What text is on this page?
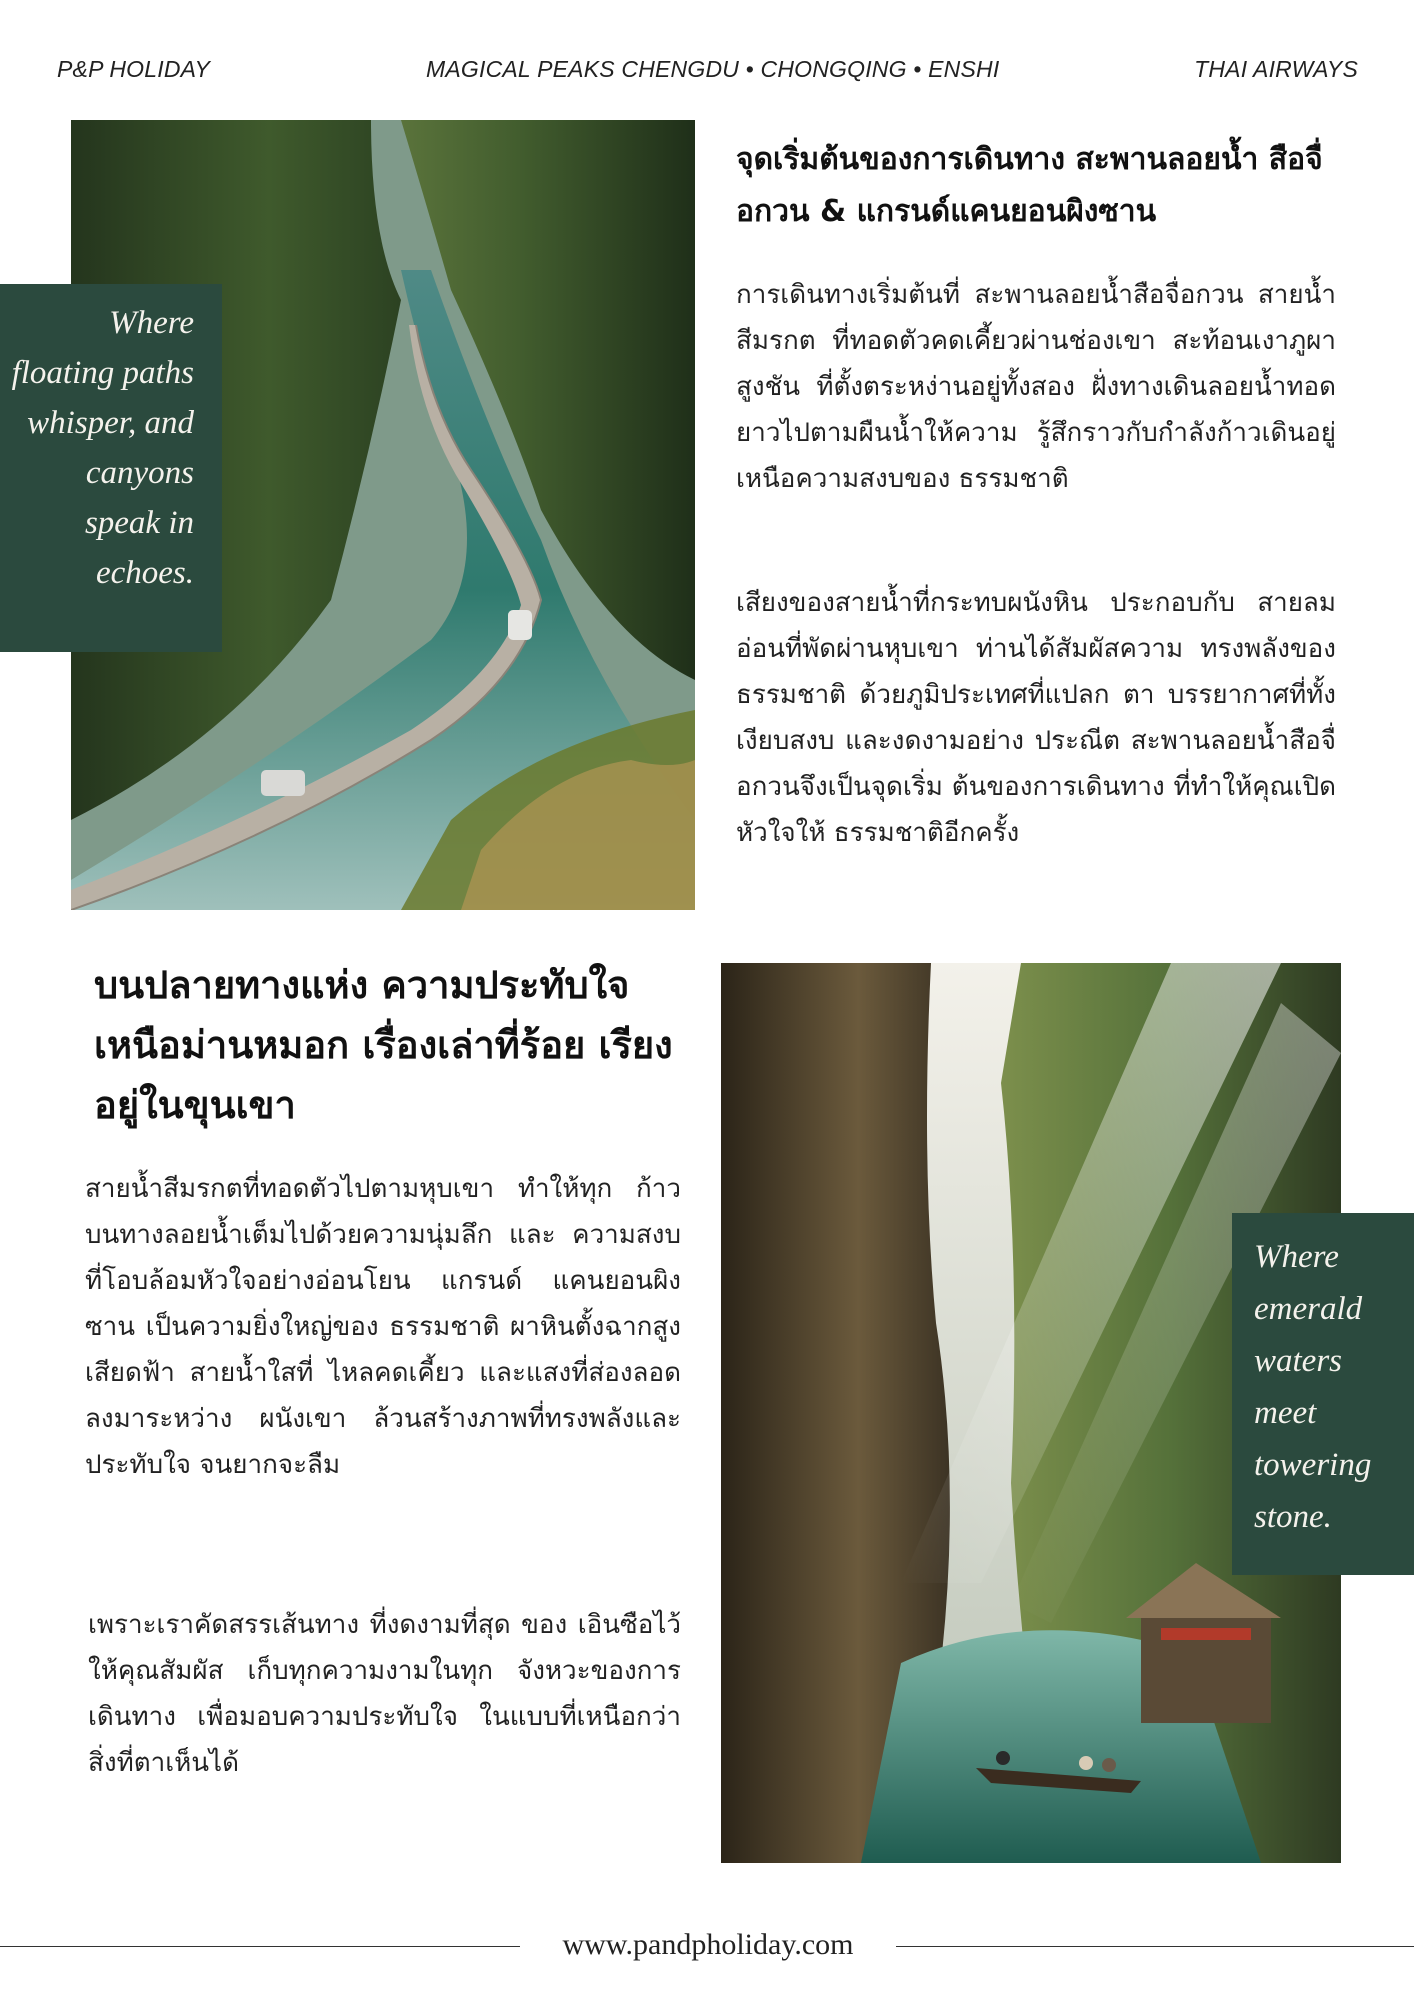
P&P HOLIDAY	MAGICAL PEAKS CHENGDU • CHONGQING • ENSHI	THAI AIRWAYS
Where floating paths whisper, and canyons speak in echoes.
จุดเริ่มต้นของการเดินทาง สะพานลอยน้ำ สือจื่อกวน & แกรนด์แคนยอนผิงซาน

การเดินทางเริ่มต้นที่ สะพานลอยน้ำสือจื่อกวน สายน้ำสีมรกต ที่ทอดตัวคดเคี้ยวผ่านช่องเขา สะท้อนเงาภูผาสูงชัน ที่ตั้งตระหง่านอยู่ทั้งสอง ฝั่งทางเดินลอยน้ำทอดยาวไปตามผืนน้ำให้ความ รู้สึกราวกับกำลังก้าวเดินอยู่เหนือความสงบของ ธรรมชาติ

เสียงของสายน้ำที่กระทบผนังหิน ประกอบกับ สายลมอ่อนที่พัดผ่านหุบเขา ท่านได้สัมผัสความ ทรงพลังของธรรมชาติ ด้วยภูมิประเทศที่แปลก ตา บรรยากาศที่ทั้งเงียบสงบ และงดงามอย่าง ประณีต สะพานลอยน้ำสือจื่อกวนจึงเป็นจุดเริ่ม ต้นของการเดินทาง ที่ทำให้คุณเปิดหัวใจให้ ธรรมชาติอีกครั้ง

บนปลายทางแห่ง ความประทับใจ เหนือม่านหมอก เรื่องเล่าที่ร้อย เรียงอยู่ในขุนเขา

สายน้ำสีมรกตที่ทอดตัวไปตามหุบเขา ทำให้ทุก ก้าวบนทางลอยน้ำเต็มไปด้วยความนุ่มลึก และ ความสงบที่โอบล้อมหัวใจอย่างอ่อนโยน แกรนด์ แคนยอนผิงซาน เป็นความยิ่งใหญ่ของ ธรรมชาติ ผาหินตั้งฉากสูงเสียดฟ้า สายน้ำใสที่ ไหลคดเคี้ยว และแสงที่ส่องลอดลงมาระหว่าง ผนังเขา ล้วนสร้างภาพที่ทรงพลังและประทับใจ จนยากจะลืม

เพราะเราคัดสรรเส้นทาง ที่งดงามที่สุด ของ เอินซือไว้ให้คุณสัมผัส เก็บทุกความงามในทุก จังหวะของการเดินทาง เพื่อมอบความประทับใจ ในแบบที่เหนือกว่าสิ่งที่ตาเห็นได้

Where emerald waters meet towering stone.
www.pandpholiday.com
